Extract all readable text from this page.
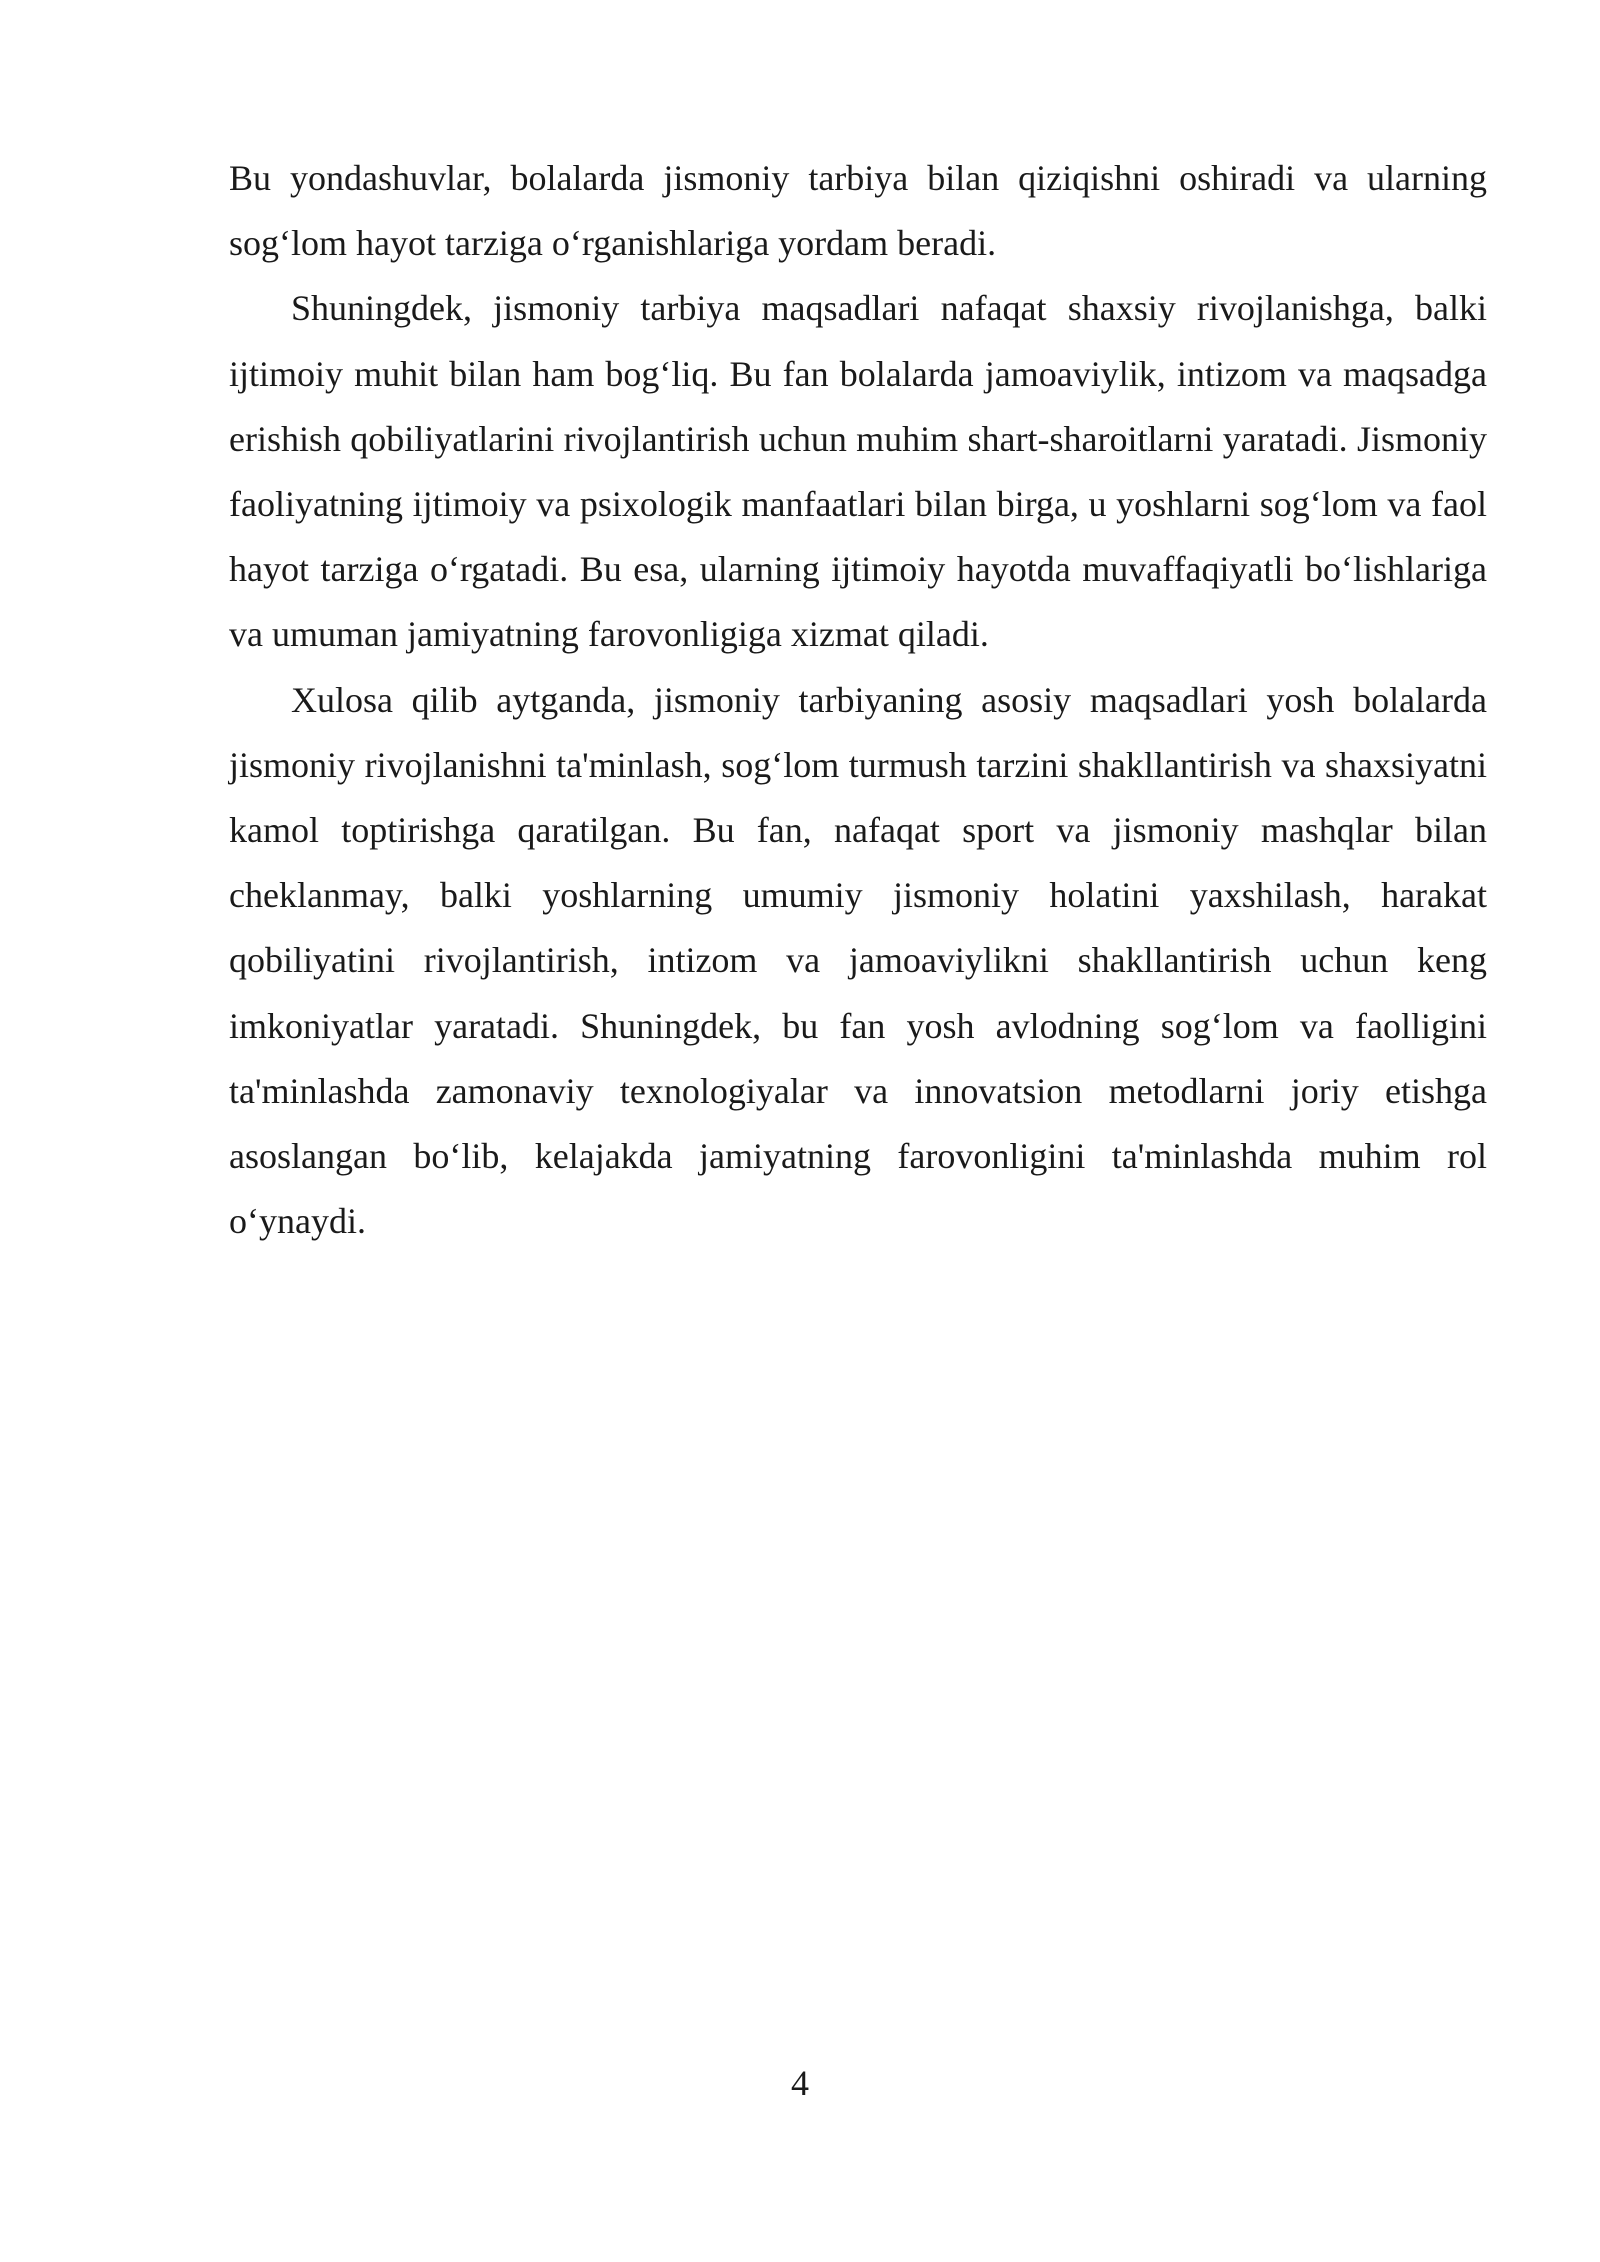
Bu yondashuvlar, bolalarda jismoniy tarbiya bilan qiziqishni oshiradi va ularning sog‘lom hayot tarziga o‘rganishlariga yordam beradi.

Shuningdek, jismoniy tarbiya maqsadlari nafaqat shaxsiy rivojlanishga, balki ijtimoiy muhit bilan ham bog‘liq. Bu fan bolalarda jamoaviylik, intizom va maqsadga erishish qobiliyatlarini rivojlantirish uchun muhim shart-sharoitlarni yaratadi. Jismoniy faoliyatning ijtimoiy va psixologik manfaatlari bilan birga, u yoshlarni sog‘lom va faol hayot tarziga o‘rgatadi. Bu esa, ularning ijtimoiy hayotda muvaffaqiyatli bo‘lishlariga va umuman jamiyatning farovonligiga xizmat qiladi.

Xulosa qilib aytganda, jismoniy tarbiyaning asosiy maqsadlari yosh bolalarda jismoniy rivojlanishni ta'minlash, sog‘lom turmush tarzini shakllantirish va shaxsiyatni kamol toptirishga qaratilgan. Bu fan, nafaqat sport va jismoniy mashqlar bilan cheklanmay, balki yoshlarning umumiy jismoniy holatini yaxshilash, harakat qobiliyatini rivojlantirish, intizom va jamoaviylikni shakllantirish uchun keng imkoniyatlar yaratadi. Shuningdek, bu fan yosh avlodning sog‘lom va faolligini ta'minlashda zamonaviy texnologiyalar va innovatsion metodlarni joriy etishga asoslangan bo‘lib, kelajakda jamiyatning farovonligini ta'minlashda muhim rol o‘ynaydi.

4
